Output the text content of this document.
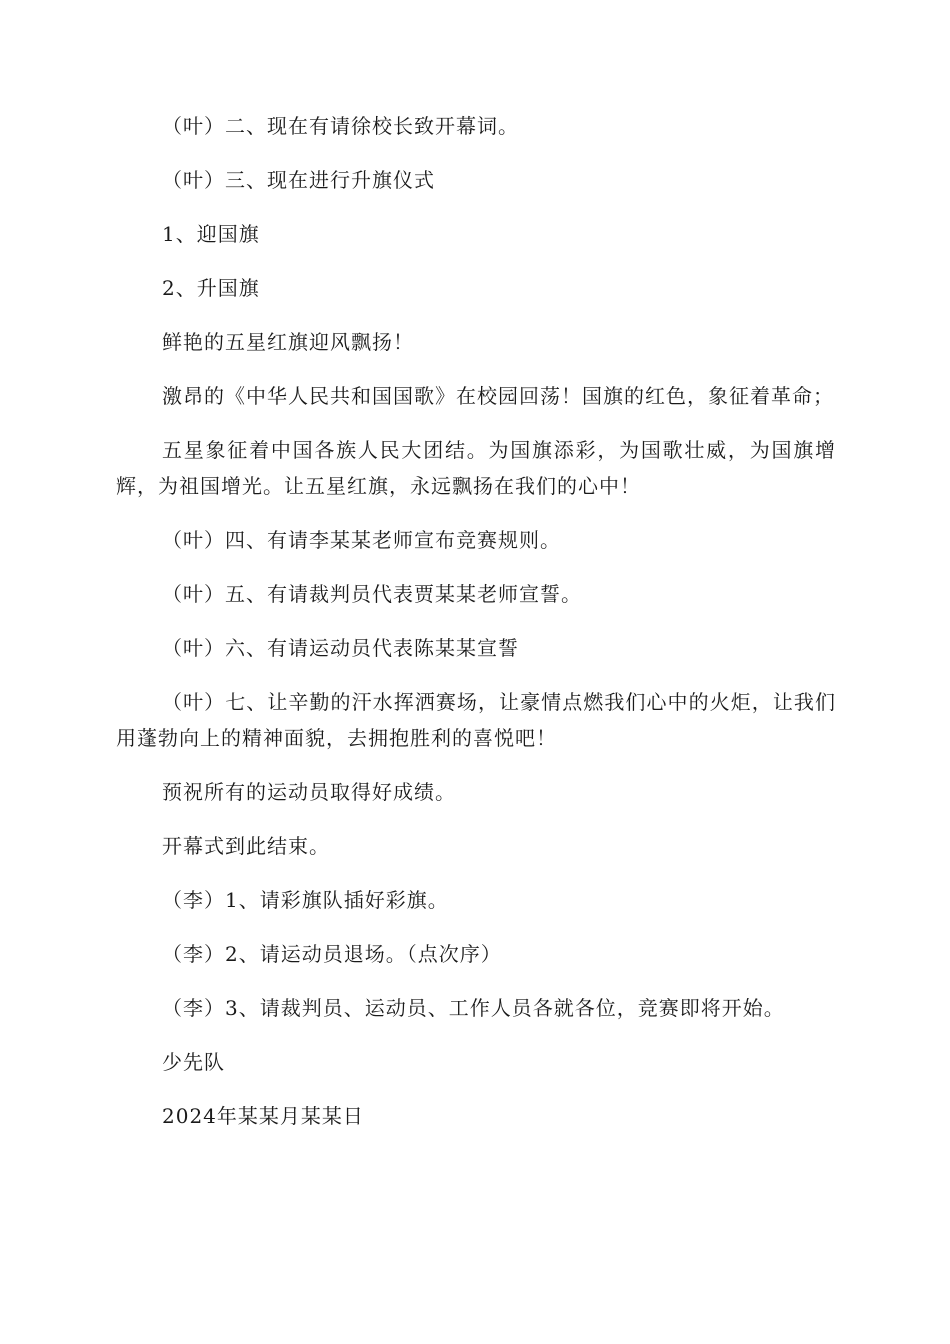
（叶）二、现在有请徐校长致开幕词。

（叶）三、现在进行升旗仪式

1、迎国旗

2、升国旗

鲜艳的五星红旗迎风飘扬！

激昂的《中华人民共和国国歌》在校园回荡！国旗的红色，象征着革命；

五星象征着中国各族人民大团结。为国旗添彩，为国歌壮威，为国旗增辉，为祖国增光。让五星红旗，永远飘扬在我们的心中！

（叶）四、有请李某某老师宣布竞赛规则。

（叶）五、有请裁判员代表贾某某老师宣誓。

（叶）六、有请运动员代表陈某某宣誓

（叶）七、让辛勤的汗水挥洒赛场，让豪情点燃我们心中的火炬，让我们用蓬勃向上的精神面貌，去拥抱胜利的喜悦吧！

预祝所有的运动员取得好成绩。

开幕式到此结束。

（李）1、请彩旗队插好彩旗。

（李）2、请运动员退场。（点次序）

（李）3、请裁判员、运动员、工作人员各就各位，竞赛即将开始。

少先队

2024年某某月某某日
